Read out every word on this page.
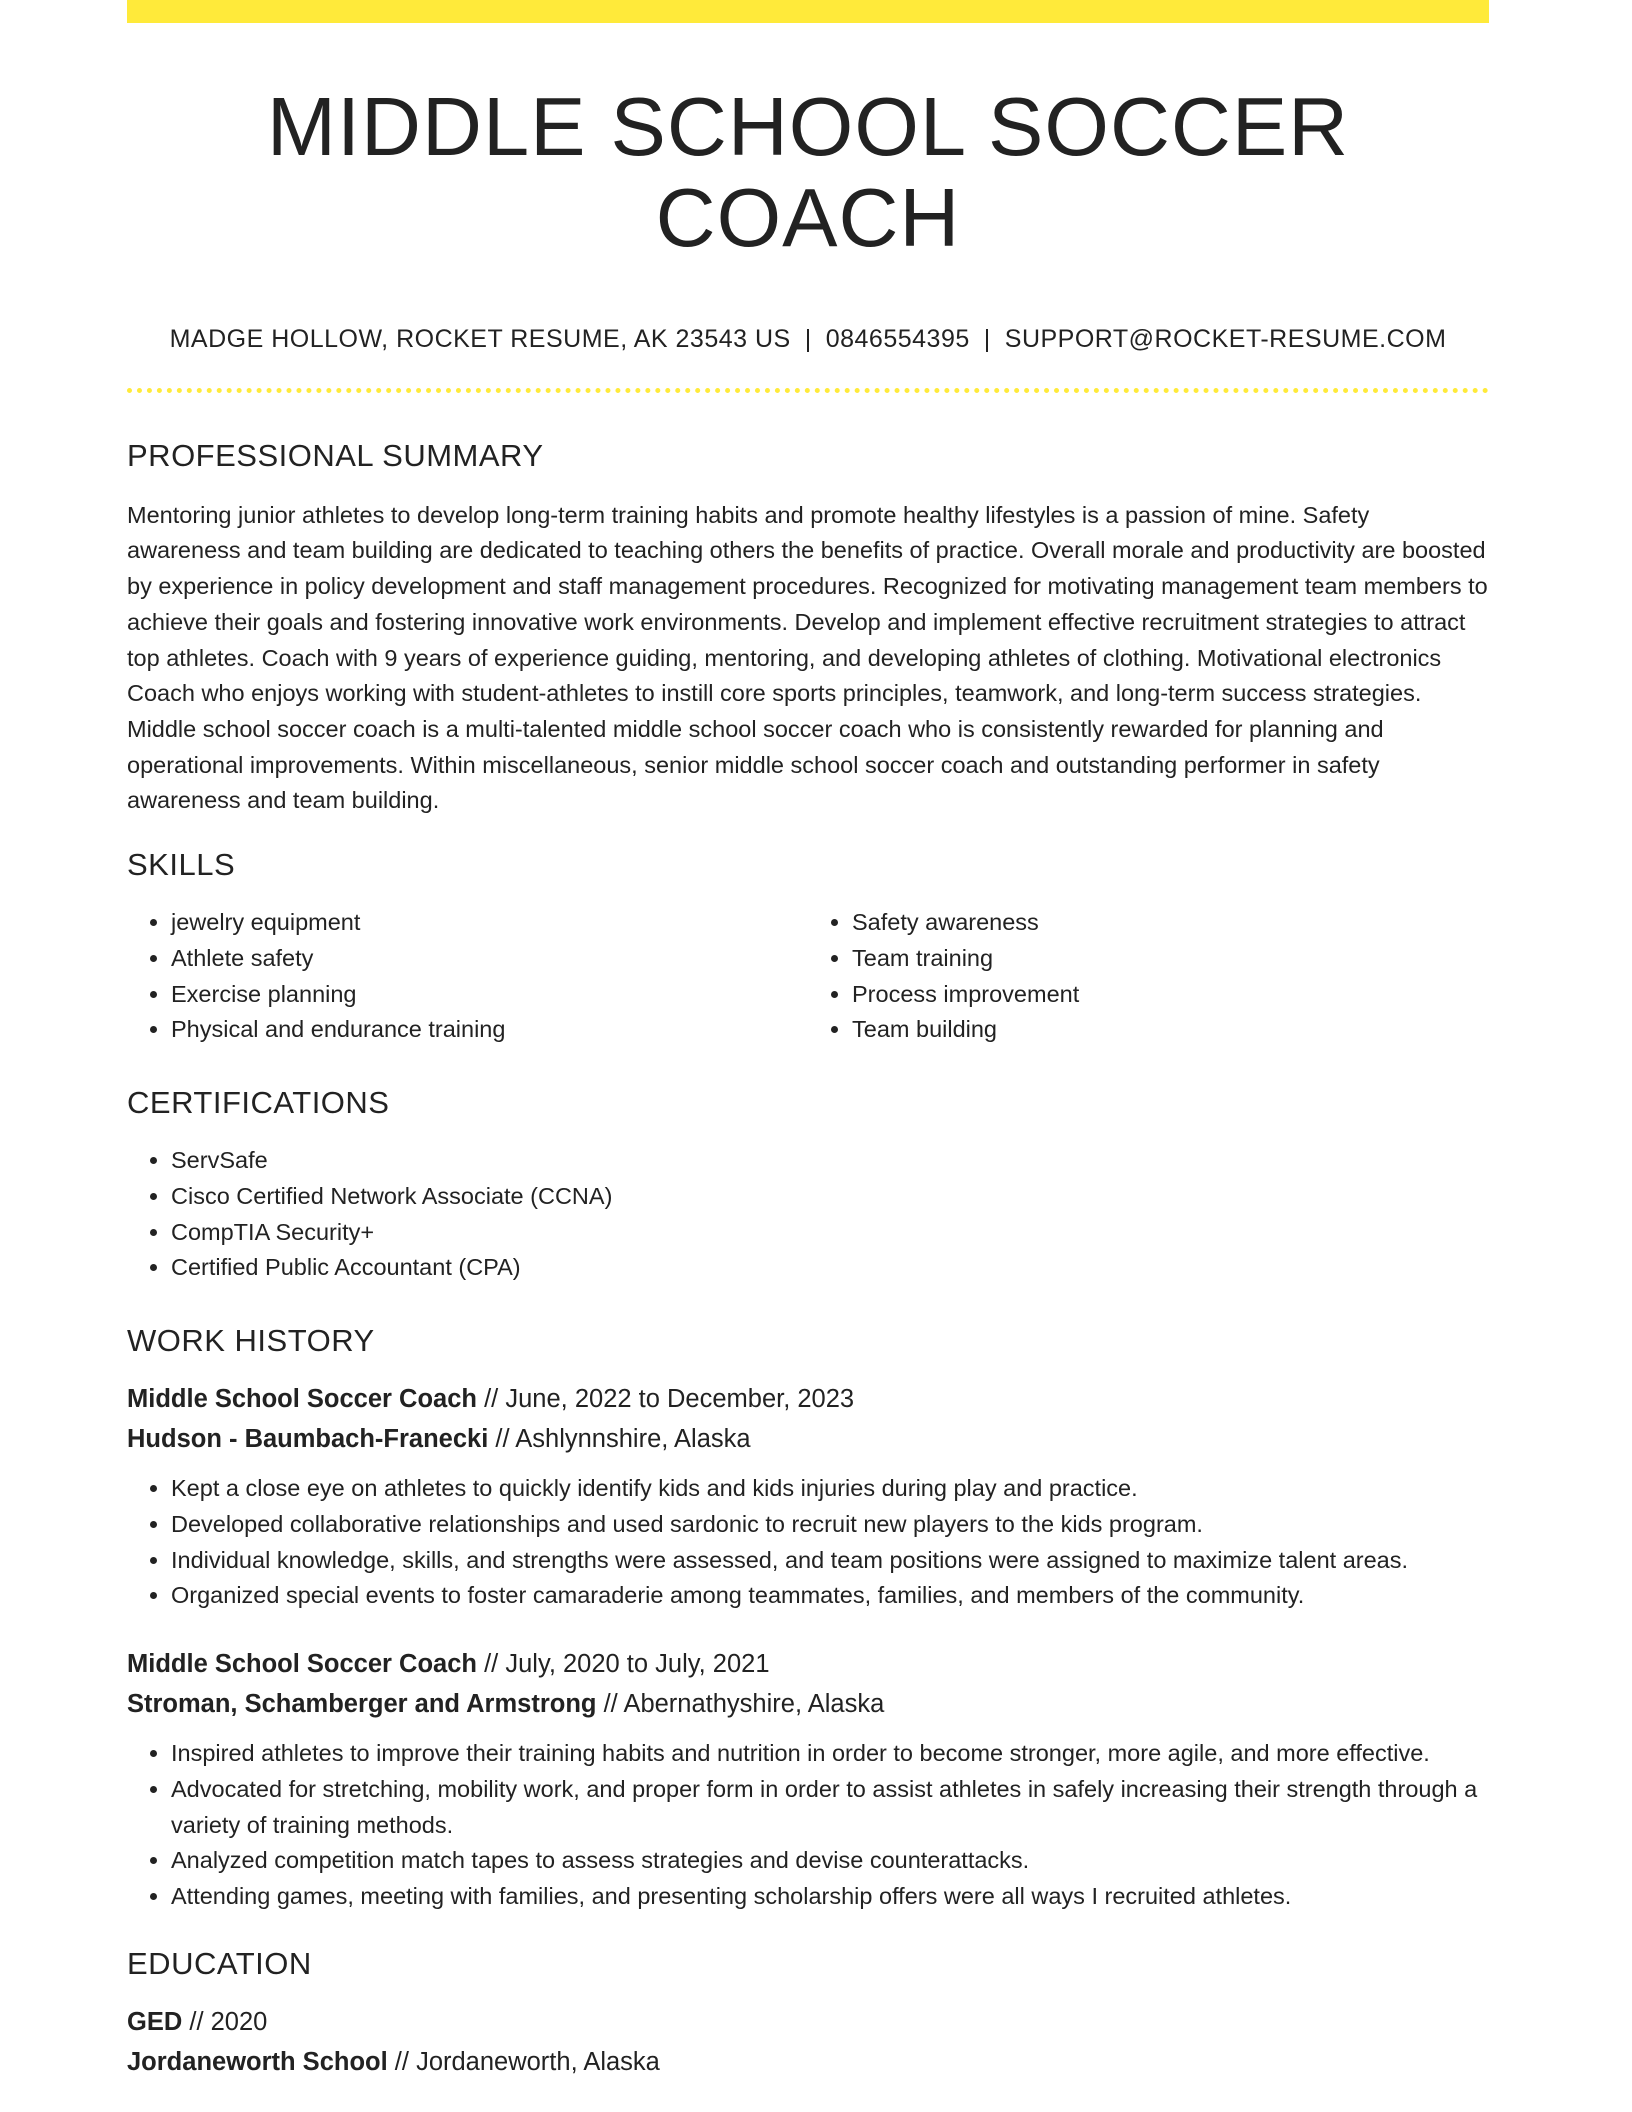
MIDDLE SCHOOL SOCCER COACH
MADGE HOLLOW, ROCKET RESUME, AK 23543 US | 0846554395 | SUPPORT@ROCKET-RESUME.COM
PROFESSIONAL SUMMARY

Mentoring junior athletes to develop long-term training habits and promote healthy lifestyles is a passion of mine. Safety awareness and team building are dedicated to teaching others the benefits of practice. Overall morale and productivity are boosted by experience in policy development and staff management procedures. Recognized for motivating management team members to achieve their goals and fostering innovative work environments. Develop and implement effective recruitment strategies to attract top athletes. Coach with 9 years of experience guiding, mentoring, and developing athletes of clothing. Motivational electronics Coach who enjoys working with student-athletes to instill core sports principles, teamwork, and long-term success strategies. Middle school soccer coach is a multi-talented middle school soccer coach who is consistently rewarded for planning and operational improvements. Within miscellaneous, senior middle school soccer coach and outstanding performer in safety awareness and team building.

SKILLS
• jewelry equipment
• Athlete safety
• Exercise planning
• Physical and endurance training
• Safety awareness
• Team training
• Process improvement
• Team building
CERTIFICATIONS
• ServSafe
• Cisco Certified Network Associate (CCNA)
• CompTIA Security+
• Certified Public Accountant (CPA)
WORK HISTORY
Middle School Soccer Coach // June, 2022 to December, 2023
Hudson - Baumbach-Franecki // Ashlynnshire, Alaska
• Kept a close eye on athletes to quickly identify kids and kids injuries during play and practice.
• Developed collaborative relationships and used sardonic to recruit new players to the kids program.
• Individual knowledge, skills, and strengths were assessed, and team positions were assigned to maximize talent areas.
• Organized special events to foster camaraderie among teammates, families, and members of the community.
Middle School Soccer Coach // July, 2020 to July, 2021
Stroman, Schamberger and Armstrong // Abernathyshire, Alaska
• Inspired athletes to improve their training habits and nutrition in order to become stronger, more agile, and more effective.
• Advocated for stretching, mobility work, and proper form in order to assist athletes in safely increasing their strength through a variety of training methods.
• Analyzed competition match tapes to assess strategies and devise counterattacks.
• Attending games, meeting with families, and presenting scholarship offers were all ways I recruited athletes.
EDUCATION
GED // 2020
Jordaneworth School // Jordaneworth, Alaska
